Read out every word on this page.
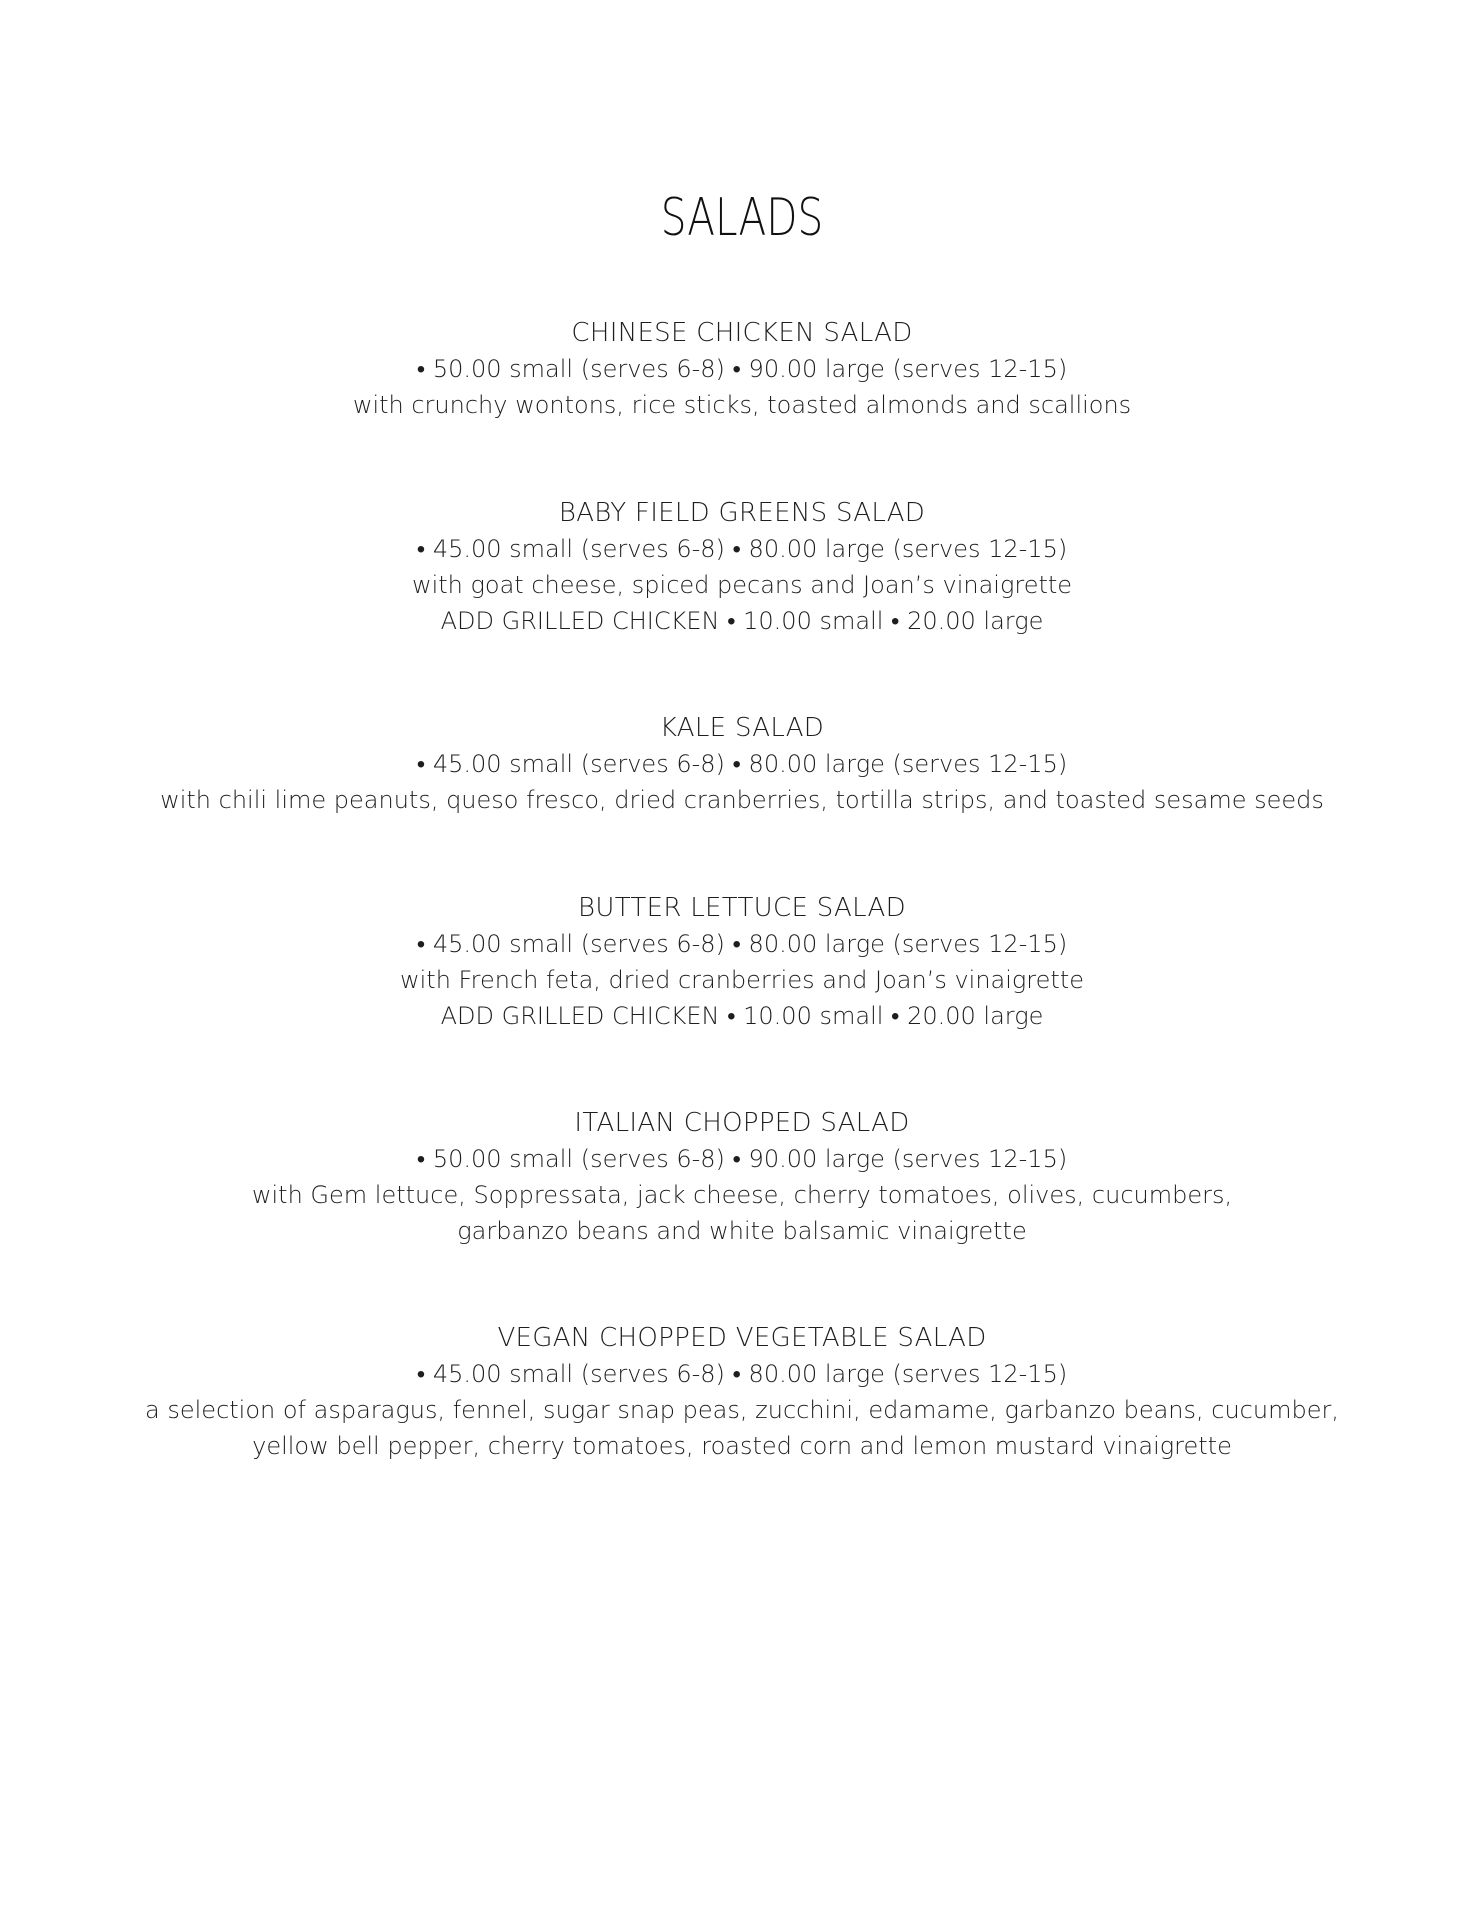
SALADS
CHINESE CHICKEN SALAD
• 50.00 small (serves 6-8) • 90.00 large (serves 12-15)
with crunchy wontons, rice sticks, toasted almonds and scallions
BABY FIELD GREENS SALAD
• 45.00 small (serves 6-8) • 80.00 large (serves 12-15)
with goat cheese, spiced pecans and Joan’s vinaigrette
ADD GRILLED CHICKEN • 10.00 small • 20.00 large
KALE SALAD
• 45.00 small (serves 6-8) • 80.00 large (serves 12-15)
with chili lime peanuts, queso fresco, dried cranberries, tortilla strips, and toasted sesame seeds
BUTTER LETTUCE SALAD
• 45.00 small (serves 6-8) • 80.00 large (serves 12-15)
with French feta, dried cranberries and Joan’s vinaigrette
ADD GRILLED CHICKEN • 10.00 small • 20.00 large
ITALIAN CHOPPED SALAD
• 50.00 small (serves 6-8) • 90.00 large (serves 12-15)
with Gem lettuce, Soppressata, jack cheese, cherry tomatoes, olives, cucumbers,
garbanzo beans and white balsamic vinaigrette
VEGAN CHOPPED VEGETABLE SALAD
• 45.00 small (serves 6-8) • 80.00 large (serves 12-15)
a selection of asparagus, fennel, sugar snap peas, zucchini, edamame, garbanzo beans, cucumber,
yellow bell pepper, cherry tomatoes, roasted corn and lemon mustard vinaigrette
